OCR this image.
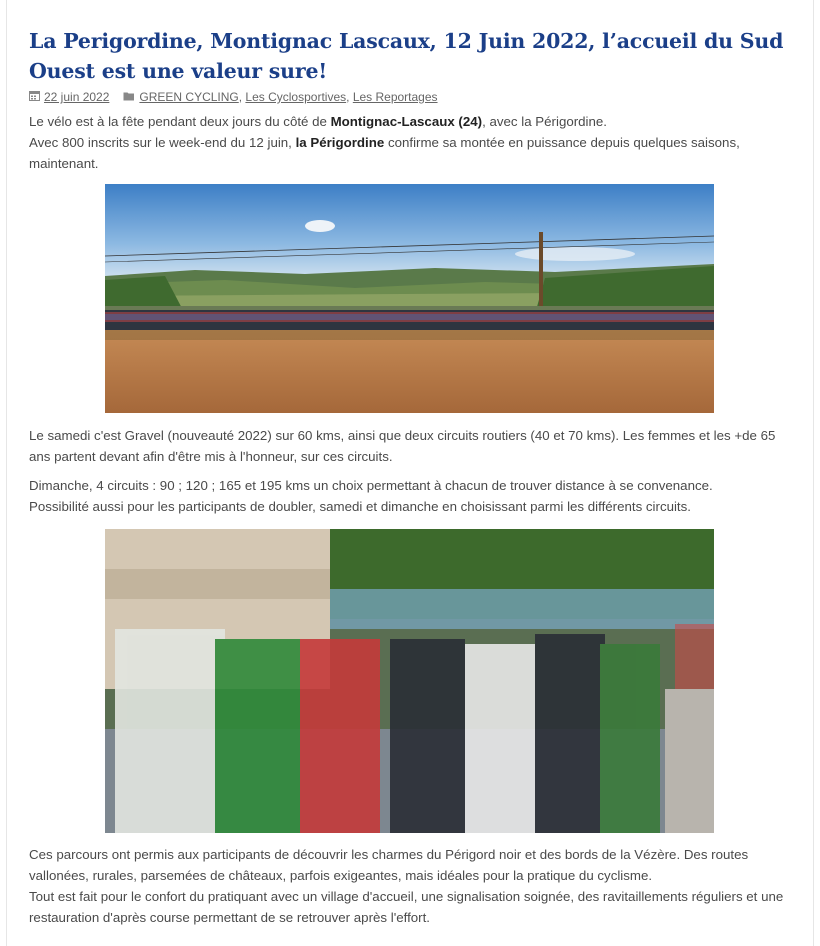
La Perigordine, Montignac Lascaux, 12 Juin 2022, l’accueil du Sud Ouest est une valeur sure!
22 juin 2022	GREEN CYCLING, Les Cyclosportives, Les Reportages

Le vélo est à la fête pendant deux jours du côté de Montignac-Lascaux (24), avec la Périgordine.
Avec 800 inscrits sur le week-end du 12 juin, la Périgordine confirme sa montée en puissance depuis quelques saisons, maintenant.

Le samedi c'est Gravel (nouveauté 2022) sur 60 kms, ainsi que deux circuits routiers (40 et 70 kms). Les femmes et les +de 65 ans partent devant afin d'être mis à l'honneur, sur ces circuits.

Dimanche, 4 circuits : 90 ; 120 ; 165 et 195 kms un choix permettant à chacun de trouver distance à se convenance.
Possibilité aussi pour les participants de doubler, samedi et dimanche en choisissant parmi les différents circuits.

Ces parcours ont permis aux participants de découvrir les charmes du Périgord noir et des bords de la Vézère. Des routes vallonées, rurales, parsemées de châteaux, parfois exigeantes, mais idéales pour la pratique du cyclisme.
Tout est fait pour le confort du pratiquant avec un village d'accueil, une signalisation soignée, des ravitaillements réguliers et une restauration d'après course permettant de se retrouver après l'effort.
